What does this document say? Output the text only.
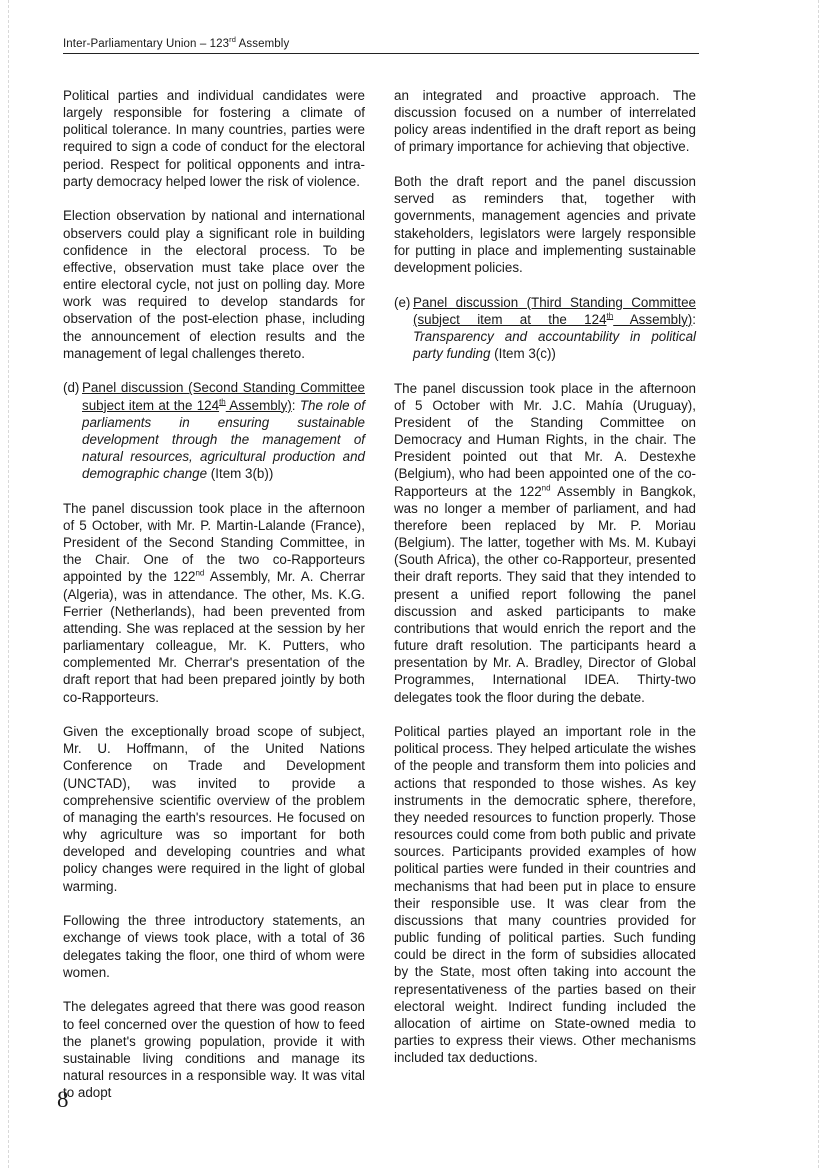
Inter-Parliamentary Union – 123rd Assembly

Political parties and individual candidates were largely responsible for fostering a climate of political tolerance. In many countries, parties were required to sign a code of conduct for the electoral period. Respect for political opponents and intra-party democracy helped lower the risk of violence.

Election observation by national and international observers could play a significant role in building confidence in the electoral process. To be effective, observation must take place over the entire electoral cycle, not just on polling day. More work was required to develop standards for observation of the post-election phase, including the announcement of election results and the management of legal challenges thereto.

(d) Panel discussion (Second Standing Committee subject item at the 124th Assembly): The role of parliaments in ensuring sustainable development through the management of natural resources, agricultural production and demographic change (Item 3(b))

The panel discussion took place in the afternoon of 5 October, with Mr. P. Martin-Lalande (France), President of the Second Standing Committee, in the Chair. One of the two co-Rapporteurs appointed by the 122nd Assembly, Mr. A. Cherrar (Algeria), was in attendance. The other, Ms. K.G. Ferrier (Netherlands), had been prevented from attending. She was replaced at the session by her parliamentary colleague, Mr. K. Putters, who complemented Mr. Cherrar's presentation of the draft report that had been prepared jointly by both co-Rapporteurs.

Given the exceptionally broad scope of subject, Mr. U. Hoffmann, of the United Nations Conference on Trade and Development (UNCTAD), was invited to provide a comprehensive scientific overview of the problem of managing the earth's resources. He focused on why agriculture was so important for both developed and developing countries and what policy changes were required in the light of global warming.

Following the three introductory statements, an exchange of views took place, with a total of 36 delegates taking the floor, one third of whom were women.

The delegates agreed that there was good reason to feel concerned over the question of how to feed the planet's growing population, provide it with sustainable living conditions and manage its natural resources in a responsible way. It was vital to adopt

an integrated and proactive approach. The discussion focused on a number of interrelated policy areas indentified in the draft report as being of primary importance for achieving that objective.

Both the draft report and the panel discussion served as reminders that, together with governments, management agencies and private stakeholders, legislators were largely responsible for putting in place and implementing sustainable development policies.

(e) Panel discussion (Third Standing Committee (subject item at the 124th Assembly): Transparency and accountability in political party funding (Item 3(c))

The panel discussion took place in the afternoon of 5 October with Mr. J.C. Mahía (Uruguay), President of the Standing Committee on Democracy and Human Rights, in the chair. The President pointed out that Mr. A. Destexhe (Belgium), who had been appointed one of the co-Rapporteurs at the 122nd Assembly in Bangkok, was no longer a member of parliament, and had therefore been replaced by Mr. P. Moriau (Belgium). The latter, together with Ms. M. Kubayi (South Africa), the other co-Rapporteur, presented their draft reports. They said that they intended to present a unified report following the panel discussion and asked participants to make contributions that would enrich the report and the future draft resolution. The participants heard a presentation by Mr. A. Bradley, Director of Global Programmes, International IDEA. Thirty-two delegates took the floor during the debate.

Political parties played an important role in the political process. They helped articulate the wishes of the people and transform them into policies and actions that responded to those wishes. As key instruments in the democratic sphere, therefore, they needed resources to function properly. Those resources could come from both public and private sources. Participants provided examples of how political parties were funded in their countries and mechanisms that had been put in place to ensure their responsible use. It was clear from the discussions that many countries provided for public funding of political parties. Such funding could be direct in the form of subsidies allocated by the State, most often taking into account the representativeness of the parties based on their electoral weight. Indirect funding included the allocation of airtime on State-owned media to parties to express their views. Other mechanisms included tax deductions.

8
